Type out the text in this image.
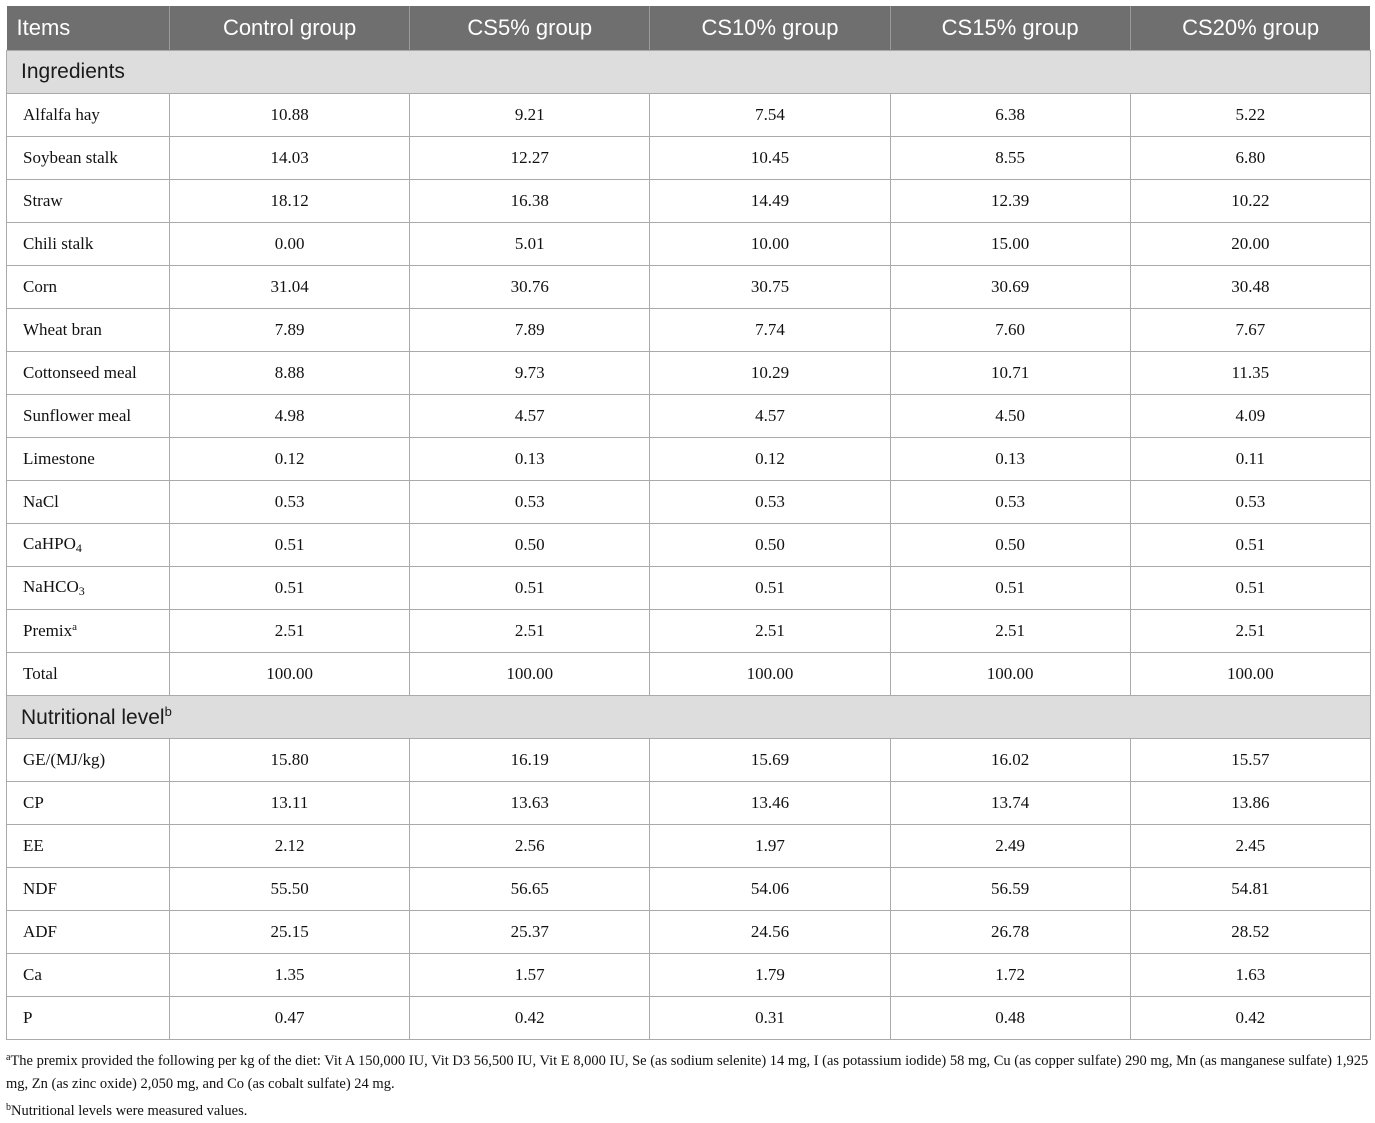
Items	Control group	CS5% group	CS10% group	CS15% group	CS20% group
Ingredients					
Alfalfa hay	10.88	9.21	7.54	6.38	5.22
Soybean stalk	14.03	12.27	10.45	8.55	6.80
Straw	18.12	16.38	14.49	12.39	10.22
Chili stalk	0.00	5.01	10.00	15.00	20.00
Corn	31.04	30.76	30.75	30.69	30.48
Wheat bran	7.89	7.89	7.74	7.60	7.67
Cottonseed meal	8.88	9.73	10.29	10.71	11.35
Sunflower meal	4.98	4.57	4.57	4.50	4.09
Limestone	0.12	0.13	0.12	0.13	0.11
NaCl	0.53	0.53	0.53	0.53	0.53
CaHPO$_4$	0.51	0.50	0.50	0.50	0.51
NaHCO$_3$	0.51	0.51	0.51	0.51	0.51
Premix$^a$	2.51	2.51	2.51	2.51	2.51
Total	100.00	100.00	100.00	100.00	100.00
Nutritional level$^b$
GE/(MJ/kg)	15.80	16.19	15.69	16.02	15.57
CP	13.11	13.63	13.46	13.74	13.86
EE	2.12	2.56	1.97	2.49	2.45
NDF	55.50	56.65	54.06	56.59	54.81
ADF	25.15	25.37	24.56	26.78	28.52
Ca	1.35	1.57	1.79	1.72	1.63
P	0.47	0.42	0.31	0.48	0.42
$^a$The premix provided the following per kg of the diet: Vit A 150,000 IU, Vit D3 56,500 IU, Vit E 8,000 IU, Se (as sodium selenite) 14 mg, I (as potassium iodide) 58 mg, Cu (as copper sulfate) 290 mg, Mn (as manganese sulfate) 1,925 mg, Zn (as zinc oxide) 2,050 mg, and Co (as cobalt sulfate) 24 mg.
$^b$Nutritional levels were measured values.
